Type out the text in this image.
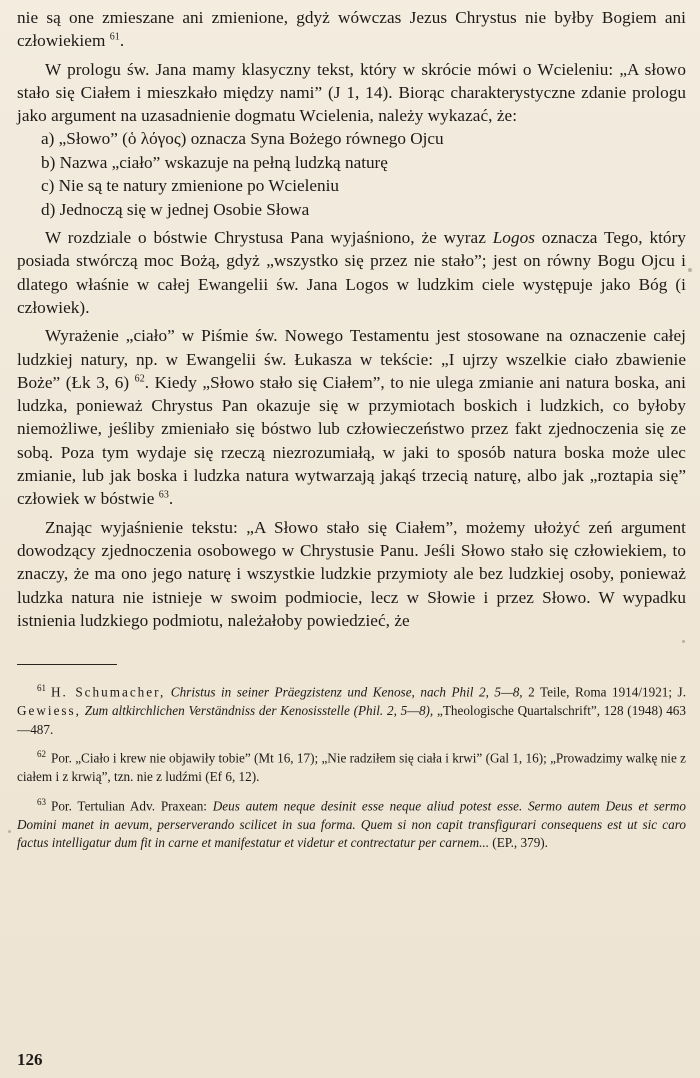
nie są one zmieszane ani zmienione, gdyż wówczas Jezus Chrystus nie byłby Bogiem ani człowiekiem $^{61}$.

W prologu św. Jana mamy klasyczny tekst, który w skrócie mówi o Wcieleniu: „A słowo stało się Ciałem i mieszkało między nami” (J 1, 14). Biorąc charakterystyczne zdanie prologu jako argument na uzasadnienie dogmatu Wcielenia, należy wykazać, że:

a) „Słowo” (ὁ λόγος) oznacza Syna Bożego równego Ojcu
b) Nazwa „ciało” wskazuje na pełną ludzką naturę
c) Nie są te natury zmienione po Wcieleniu
d) Jednoczą się w jednej Osobie Słowa

W rozdziale o bóstwie Chrystusa Pana wyjaśniono, że wyraz Logos oznacza Tego, który posiada stwórczą moc Bożą, gdyż „wszystko się przez nie stało”; jest on równy Bogu Ojcu i dlatego właśnie w całej Ewangelii św. Jana Logos w ludzkim ciele występuje jako Bóg (i człowiek).

Wyrażenie „ciało” w Piśmie św. Nowego Testamentu jest stosowane na oznaczenie całej ludzkiej natury, np. w Ewangelii św. Łukasza w tekście: „I ujrzy wszelkie ciało zbawienie Boże” (Łk 3, 6) $^{62}$. Kiedy „Słowo stało się Ciałem”, to nie ulega zmianie ani natura boska, ani ludzka, ponieważ Chrystus Pan okazuje się w przymiotach boskich i ludzkich, co byłoby niemożliwe, jeśliby zmieniało się bóstwo lub człowieczeństwo przez fakt zjednoczenia się ze sobą. Poza tym wydaje się rzeczą niezrozumiałą, w jaki to sposób natura boska może ulec zmianie, lub jak boska i ludzka natura wytwarzają jakąś trzecią naturę, albo jak „roztapia się” człowiek w bóstwie $^{63}$.

Znając wyjaśnienie tekstu: „A Słowo stało się Ciałem”, możemy ułożyć zeń argument dowodzący zjednoczenia osobowego w Chrystusie Panu. Jeśli Słowo stało się człowiekiem, to znaczy, że ma ono jego naturę i wszystkie ludzkie przymioty ale bez ludzkiej osoby, ponieważ ludzka natura nie istnieje w swoim podmiocie, lecz w Słowie i przez Słowo. W wypadku istnienia ludzkiego podmiotu, należałoby powiedzieć, że

$^{61}$ H. Schumacher, Christus in seiner Präegzistenz und Kenose, nach Phil 2, 5—8, 2 Teile, Roma 1914/1921; J. Gewiess, Zum altkirchlichen Verständniss der Kenosisstelle (Phil. 2, 5—8), „Theologische Quartalschrift”, 128 (1948) 463—487.

$^{62}$ Por. „Ciało i krew nie objawiły tobie” (Mt 16, 17); „Nie radziłem się ciała i krwi” (Gal 1, 16); „Prowadzimy walkę nie z ciałem i z krwią”, tzn. nie z ludźmi (Ef 6, 12).

$^{63}$ Por. Tertulian Adv. Praxean: Deus autem neque desinit esse neque aliud potest esse. Sermo autem Deus et sermo Domini manet in aevum, perserverando scilicet in sua forma. Quem si non capit transfigurari consequens est ut sic caro factus intelligatur dum fit in carne et manifestatur et videtur et contrectatur per carnem... (EP., 379).

126
